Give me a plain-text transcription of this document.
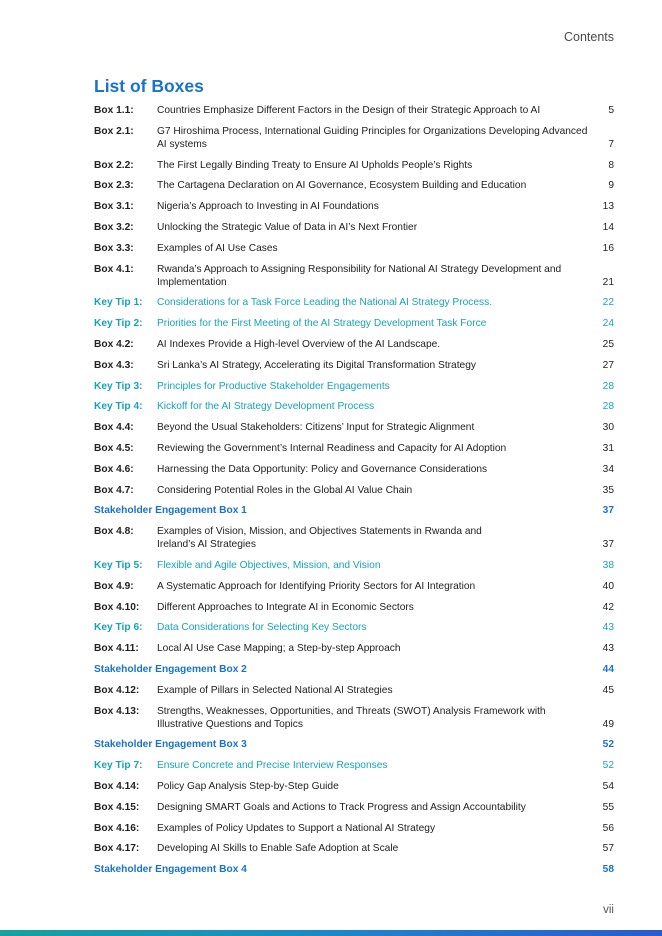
Contents
List of Boxes
Box 1.1:	Countries Emphasize Different Factors in the Design of their Strategic Approach to AI	5
Box 2.1:	G7 Hiroshima Process, International Guiding Principles for Organizations Developing Advanced AI systems	7
Box 2.2:	The First Legally Binding Treaty to Ensure AI Upholds People’s Rights	8
Box 2.3:	The Cartagena Declaration on AI Governance, Ecosystem Building and Education	9
Box 3.1:	Nigeria’s Approach to Investing in AI Foundations	13
Box 3.2:	Unlocking the Strategic Value of Data in AI’s Next Frontier	14
Box 3.3:	Examples of AI Use Cases	16
Box 4.1:	Rwanda’s Approach to Assigning Responsibility for National AI Strategy Development and Implementation	21
Key Tip 1:	Considerations for a Task Force Leading the National AI Strategy Process.	22
Key Tip 2:	Priorities for the First Meeting of the AI Strategy Development Task Force	24
Box 4.2:	AI Indexes Provide a High-level Overview of the AI Landscape.	25
Box 4.3:	Sri Lanka’s AI Strategy, Accelerating its Digital Transformation Strategy	27
Key Tip 3:	Principles for Productive Stakeholder Engagements	28
Key Tip 4:	Kickoff for the AI Strategy Development Process	28
Box 4.4:	Beyond the Usual Stakeholders: Citizens’ Input for Strategic Alignment	30
Box 4.5:	Reviewing the Government’s Internal Readiness and Capacity for AI Adoption	31
Box 4.6:	Harnessing the Data Opportunity: Policy and Governance Considerations	34
Box 4.7:	Considering Potential Roles in the Global AI Value Chain	35
Stakeholder Engagement Box 1	37
Box 4.8:	Examples of Vision, Mission, and Objectives Statements in Rwanda and Ireland’s AI Strategies	37
Key Tip 5:	Flexible and Agile Objectives, Mission, and Vision	38
Box 4.9:	A Systematic Approach for Identifying Priority Sectors for AI Integration	40
Box 4.10:	Different Approaches to Integrate AI in Economic Sectors	42
Key Tip 6:	Data Considerations for Selecting Key Sectors	43
Box 4.11:	Local AI Use Case Mapping; a Step-by-step Approach	43
Stakeholder Engagement Box 2	44
Box 4.12:	Example of Pillars in Selected National AI Strategies	45
Box 4.13:	Strengths, Weaknesses, Opportunities, and Threats (SWOT) Analysis Framework with Illustrative Questions and Topics	49
Stakeholder Engagement Box 3	52
Key Tip 7:	Ensure Concrete and Precise Interview Responses	52
Box 4.14:	Policy Gap Analysis Step-by-Step Guide	54
Box 4.15:	Designing SMART Goals and Actions to Track Progress and Assign Accountability	55
Box 4.16:	Examples of Policy Updates to Support a National AI Strategy	56
Box 4.17:	Developing AI Skills to Enable Safe Adoption at Scale	57
Stakeholder Engagement Box 4	58
vii
